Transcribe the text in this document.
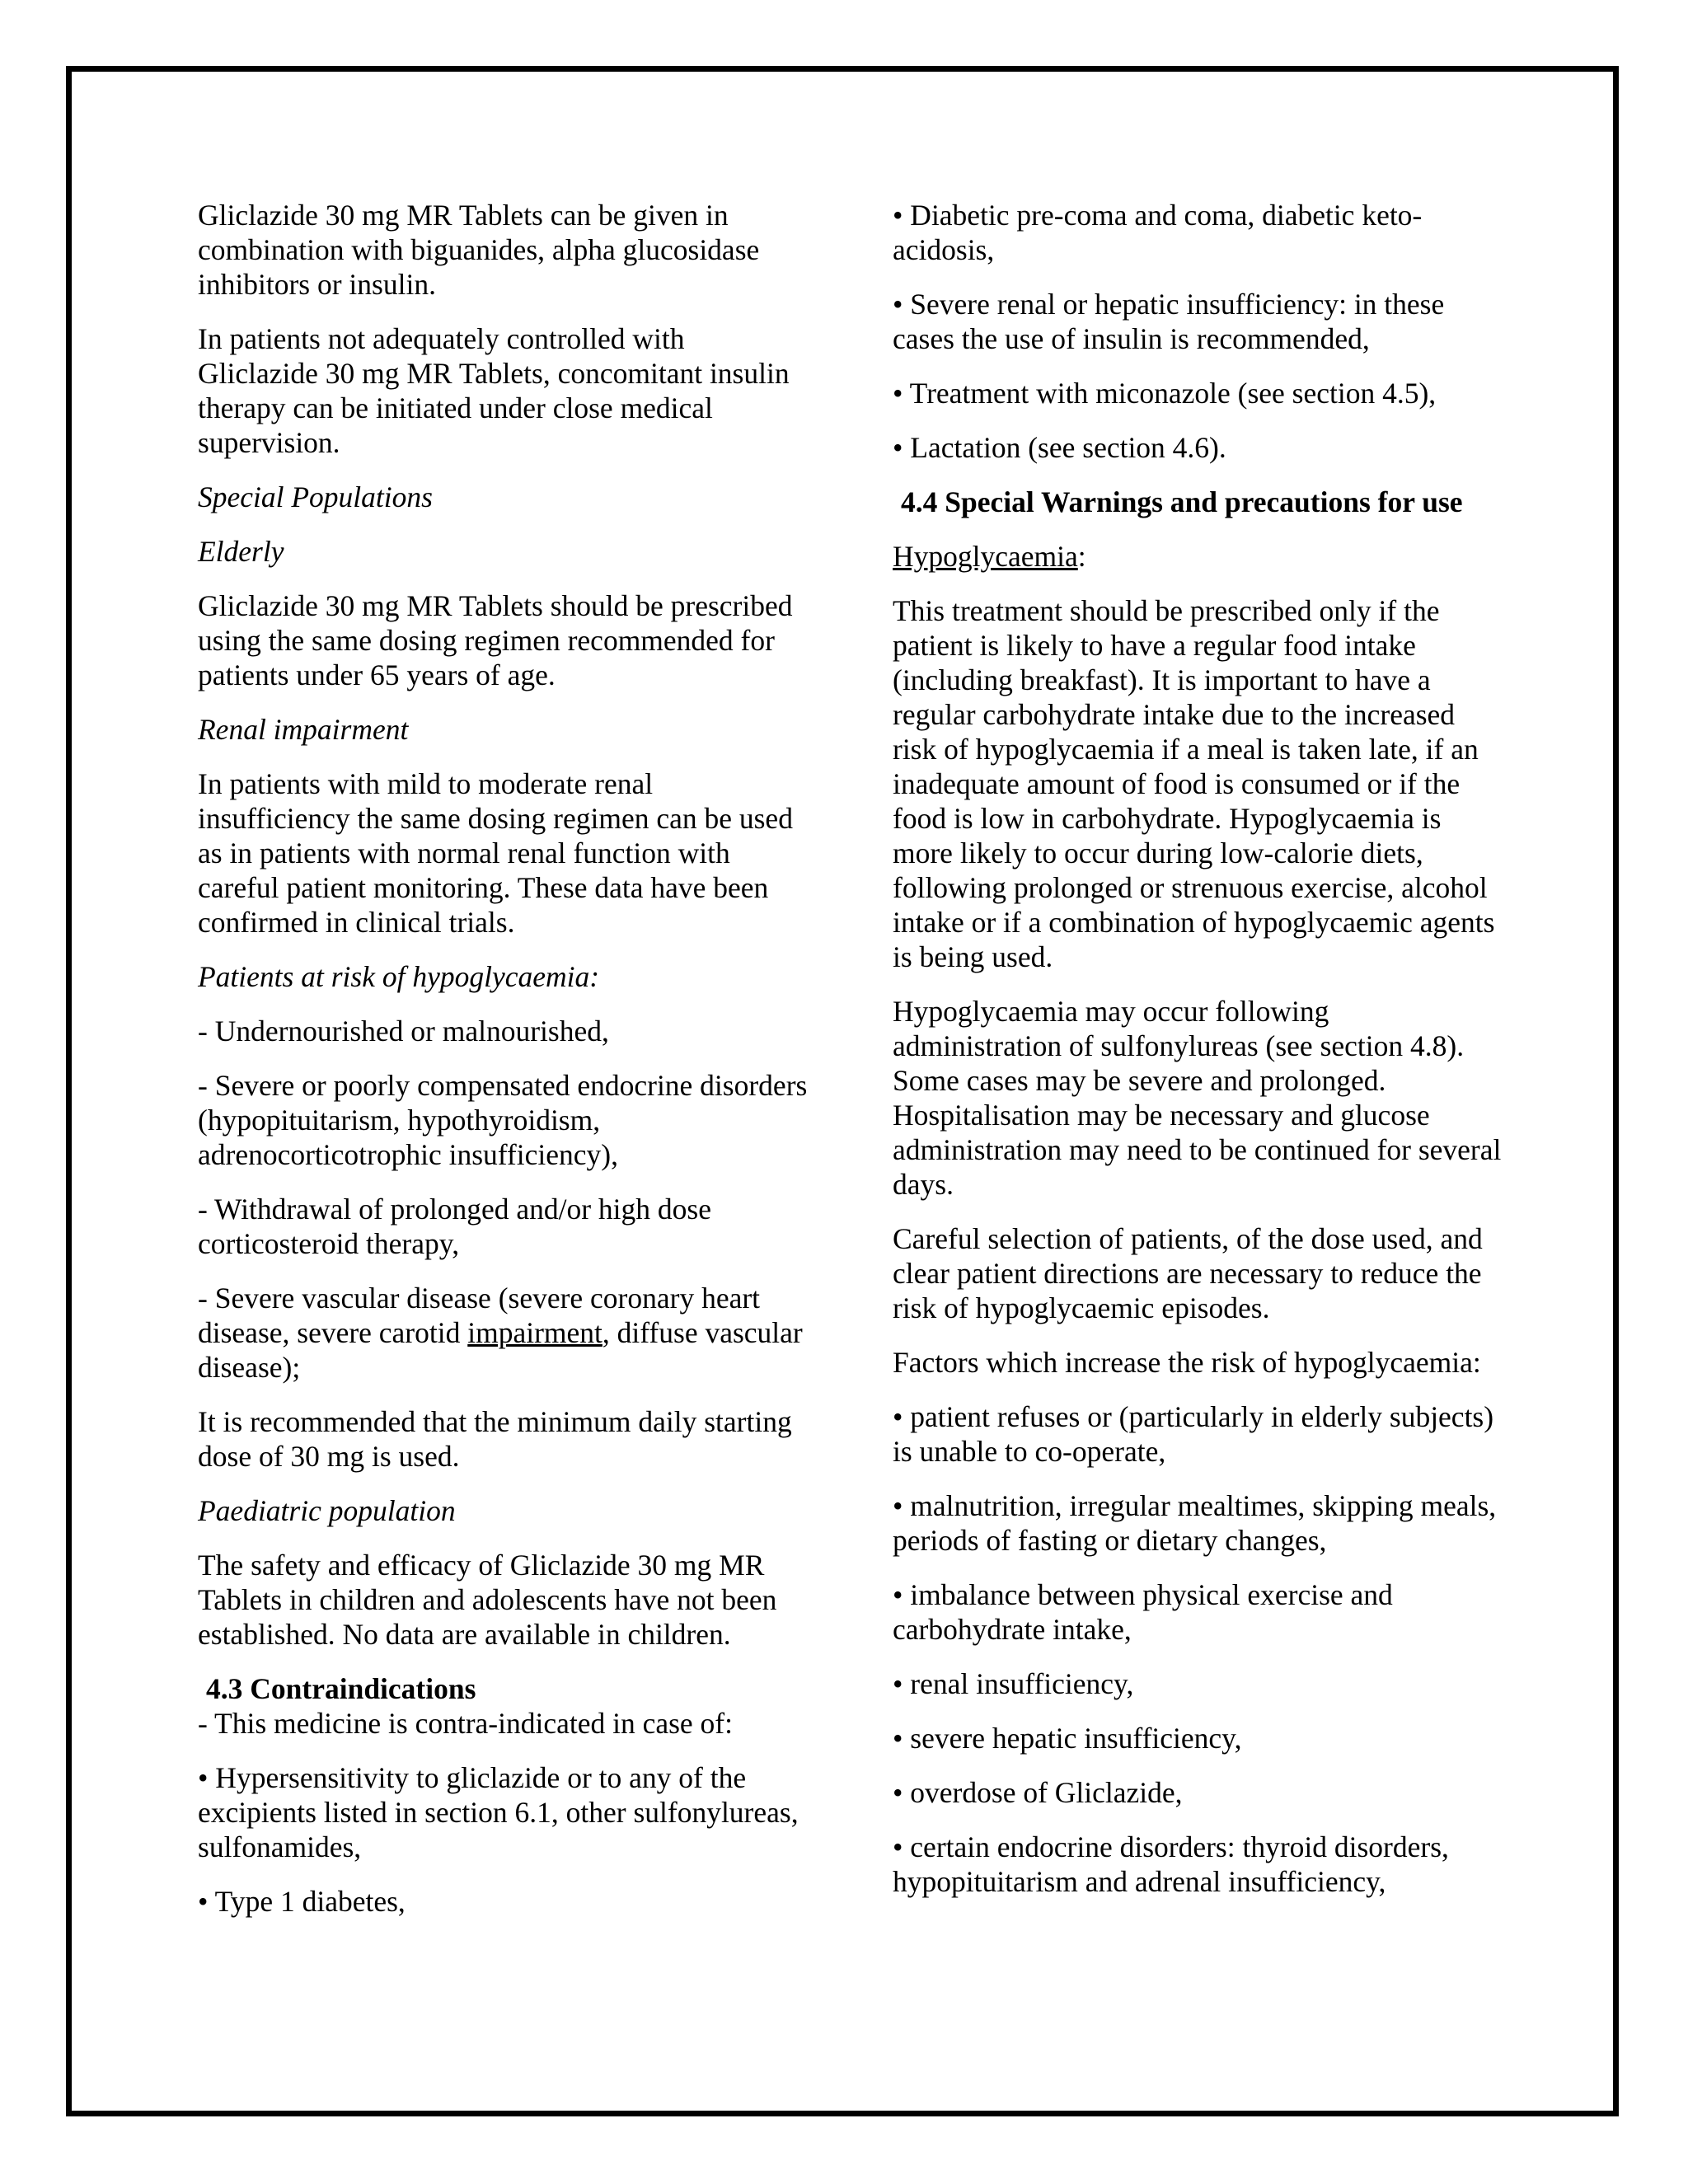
Gliclazide 30 mg MR Tablets can be given in combination with biguanides, alpha glucosidase inhibitors or insulin.

In patients not adequately controlled with Gliclazide 30 mg MR Tablets, concomitant insulin therapy can be initiated under close medical supervision.

Special Populations

Elderly

Gliclazide 30 mg MR Tablets should be prescribed using the same dosing regimen recommended for patients under 65 years of age.

Renal impairment

In patients with mild to moderate renal insufficiency the same dosing regimen can be used as in patients with normal renal function with careful patient monitoring. These data have been confirmed in clinical trials.

Patients at risk of hypoglycaemia:

- Undernourished or malnourished,

- Severe or poorly compensated endocrine disorders (hypopituitarism, hypothyroidism, adrenocorticotrophic insufficiency),

- Withdrawal of prolonged and/or high dose corticosteroid therapy,

- Severe vascular disease (severe coronary heart disease, severe carotid impairment, diffuse vascular disease);

It is recommended that the minimum daily starting dose of 30 mg is used.

Paediatric population

The safety and efficacy of Gliclazide 30 mg MR Tablets in children and adolescents have not been established. No data are available in children.

4.3 Contraindications

- This medicine is contra-indicated in case of:

• Hypersensitivity to gliclazide or to any of the excipients listed in section 6.1, other sulfonylureas, sulfonamides,

• Type 1 diabetes,

• Diabetic pre-coma and coma, diabetic keto-acidosis,

• Severe renal or hepatic insufficiency: in these cases the use of insulin is recommended,

• Treatment with miconazole (see section 4.5),

• Lactation (see section 4.6).

4.4 Special Warnings and precautions for use

Hypoglycaemia:

This treatment should be prescribed only if the patient is likely to have a regular food intake (including breakfast). It is important to have a regular carbohydrate intake due to the increased risk of hypoglycaemia if a meal is taken late, if an inadequate amount of food is consumed or if the food is low in carbohydrate. Hypoglycaemia is more likely to occur during low-calorie diets, following prolonged or strenuous exercise, alcohol intake or if a combination of hypoglycaemic agents is being used.

Hypoglycaemia may occur following administration of sulfonylureas (see section 4.8). Some cases may be severe and prolonged. Hospitalisation may be necessary and glucose administration may need to be continued for several days.

Careful selection of patients, of the dose used, and clear patient directions are necessary to reduce the risk of hypoglycaemic episodes.

Factors which increase the risk of hypoglycaemia:

• patient refuses or (particularly in elderly subjects) is unable to co-operate,

• malnutrition, irregular mealtimes, skipping meals, periods of fasting or dietary changes,

• imbalance between physical exercise and carbohydrate intake,

• renal insufficiency,

• severe hepatic insufficiency,

• overdose of Gliclazide,

• certain endocrine disorders: thyroid disorders, hypopituitarism and adrenal insufficiency,
